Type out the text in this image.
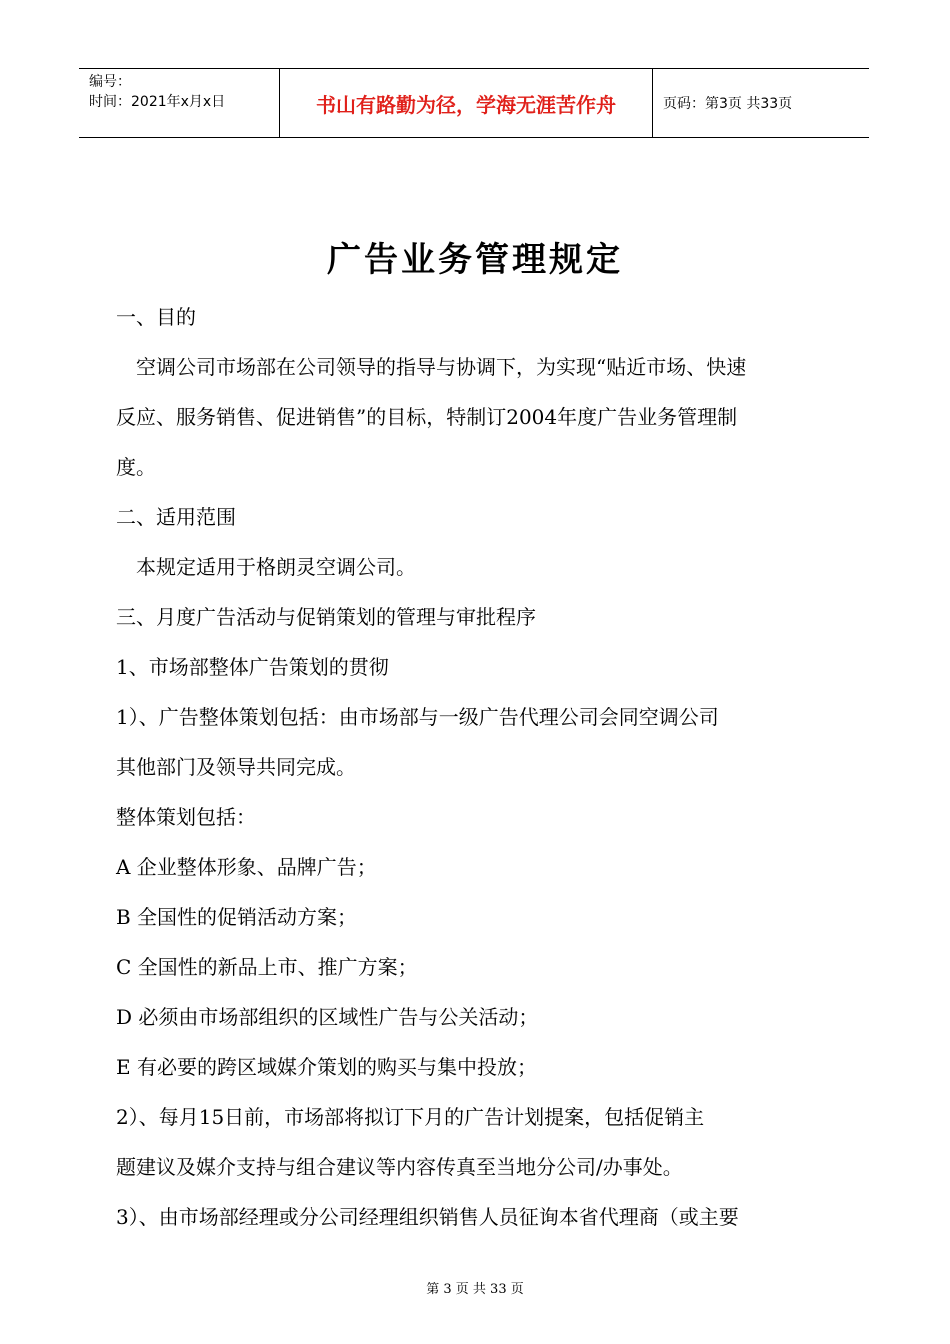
编号：
时间：2021年x月x日	书山有路勤为径，学海无涯苦作舟	页码：第3页 共33页
广告业务管理规定

一、目的

　空调公司市场部在公司领导的指导与协调下，为实现“贴近市场、快速

反应、服务销售、促进销售”的目标，特制订2004年度广告业务管理制

度。

二、适用范围

　本规定适用于格朗灵空调公司。

三、月度广告活动与促销策划的管理与审批程序

1、市场部整体广告策划的贯彻

1）、广告整体策划包括：由市场部与一级广告代理公司会同空调公司

其他部门及领导共同完成。

整体策划包括：

A 企业整体形象、品牌广告；

B 全国性的促销活动方案；

C 全国性的新品上市、推广方案；

D 必须由市场部组织的区域性广告与公关活动；

E 有必要的跨区域媒介策划的购买与集中投放；

2）、每月15日前，市场部将拟订下月的广告计划提案，包括促销主

题建议及媒介支持与组合建议等内容传真至当地分公司/办事处。

3）、由市场部经理或分公司经理组织销售人员征询本省代理商（或主要

第 3 页 共 33 页
